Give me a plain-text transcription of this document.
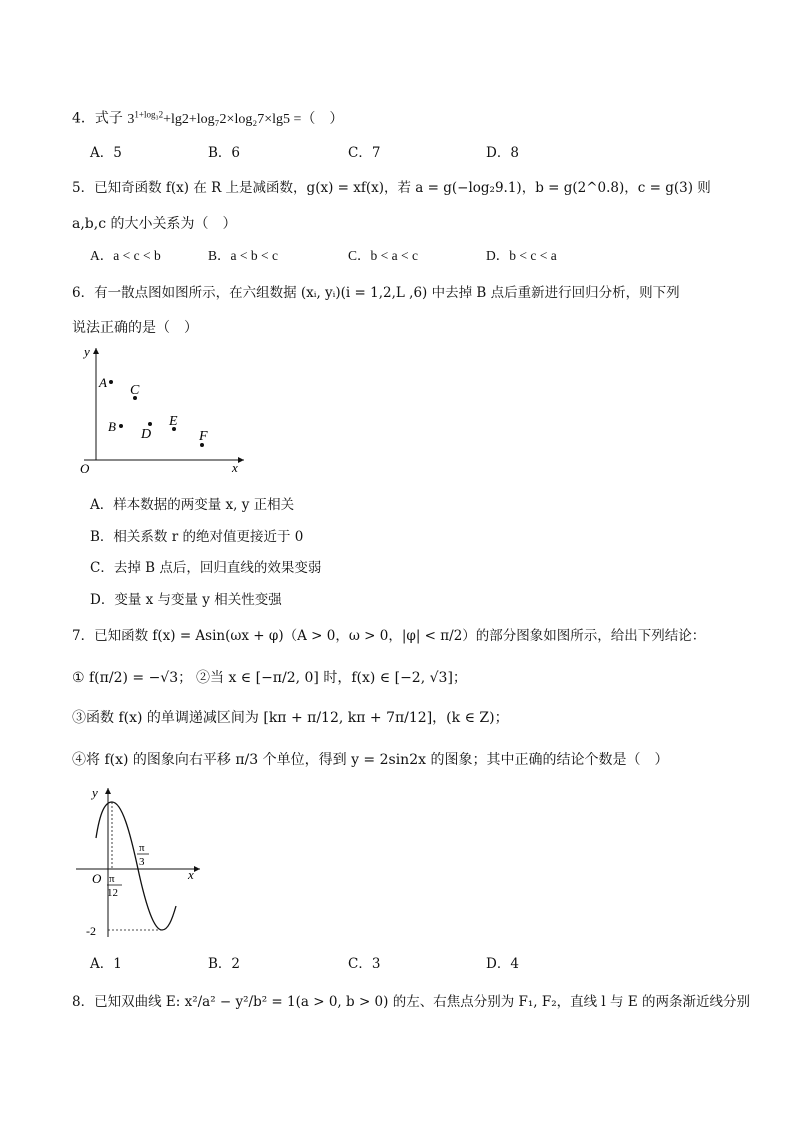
4．式子 $3^{1+log_32}+\lg 2+\log_72\times\log_27\times\lg 5$ =（　）
A．5	B．6	C．7	D．8
5．已知奇函数 f(x) 在 R 上是减函数，g(x) = xf(x)，若 a = g(−log₂9.1)，b = g(2^0.8)，c = g(3) 则
a,b,c 的大小关系为（　）
A．a < c < b	B．a < b < c	C．b < a < c	D．b < c < a
6．有一散点图如图所示，在六组数据 (xᵢ, yᵢ)(i = 1,2,L ,6) 中去掉 B 点后重新进行回归分析，则下列
说法正确的是（　）
y
x
O
A
C
B
D
E
F
A．样本数据的两变量 x, y 正相关
B．相关系数 r 的绝对值更接近于 0
C．去掉 B 点后，回归直线的效果变弱
D．变量 x 与变量 y 相关性变强
7．已知函数 f(x) = Asin(ωx + φ)（A > 0，ω > 0，|φ| < π/2）的部分图象如图所示，给出下列结论：
① f(π/2) = −√3； ②当 x ∈ [−π/2, 0] 时，f(x) ∈ [−2, √3]；
③函数 f(x) 的单调递减区间为 [kπ + π/12, kπ + 7π/12]，(k ∈ Z)；
④将 f(x) 的图象向右平移 π/3 个单位，得到 y = 2sin2x 的图象；其中正确的结论个数是（　）
y
x
O π
12
π
3
-2
A．1	B．2	C．3	D．4
8．已知双曲线 E: x²/a² − y²/b² = 1(a > 0, b > 0) 的左、右焦点分别为 F₁, F₂，直线 l 与 E 的两条渐近线分别
